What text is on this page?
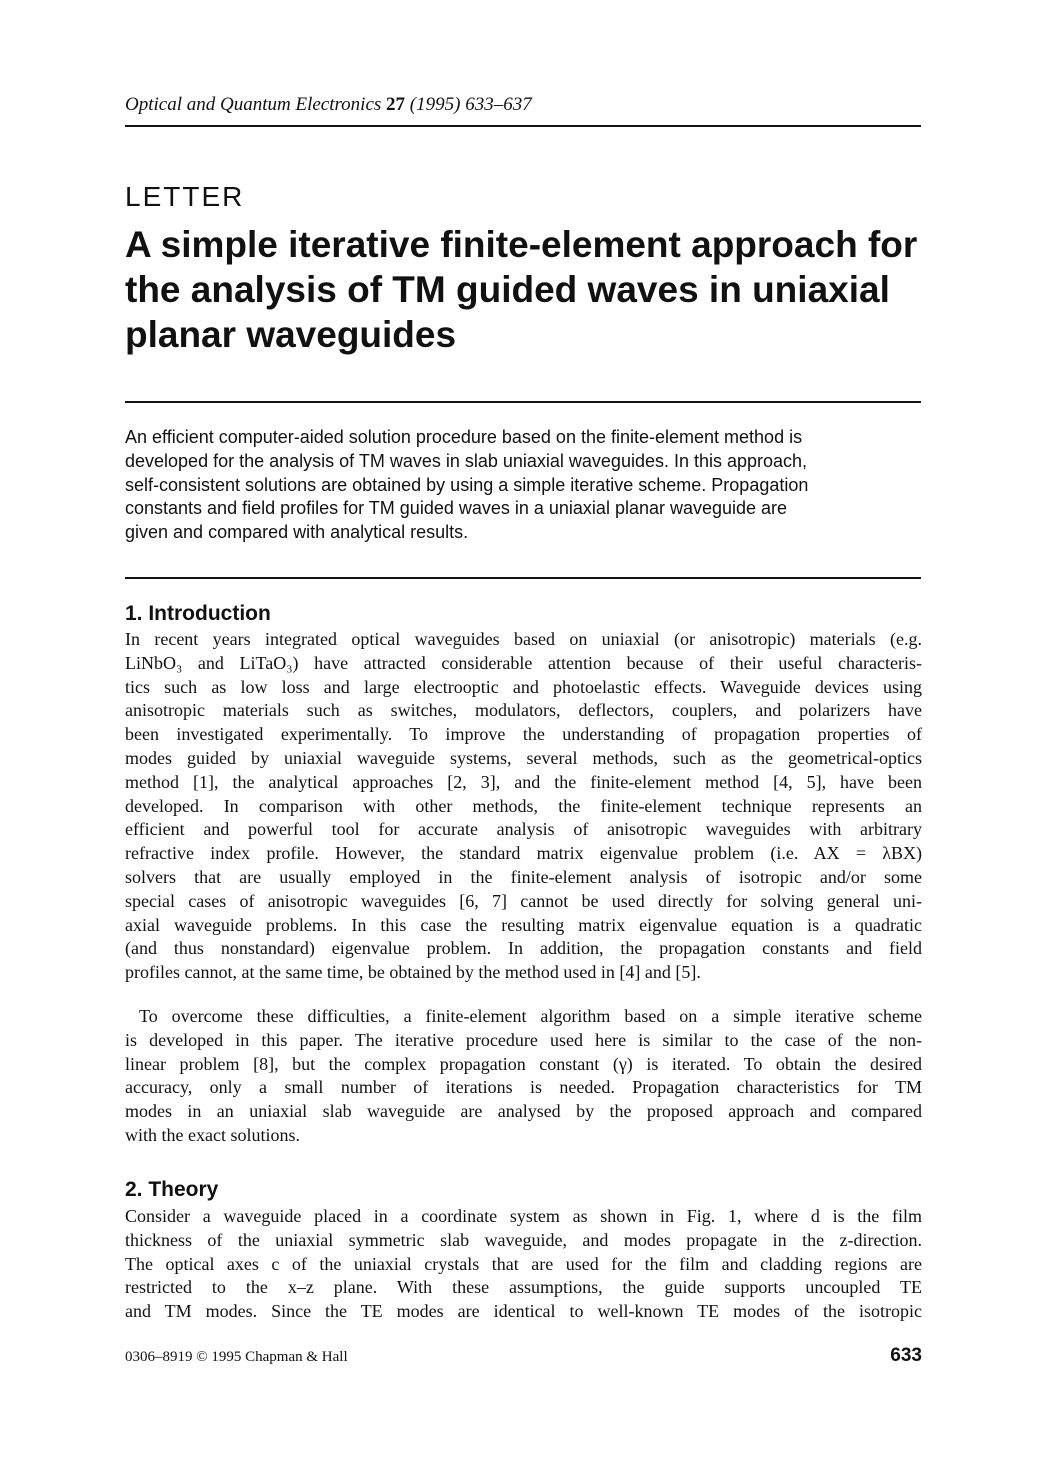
Optical and Quantum Electronics 27 (1995) 633–637
LETTER
A simple iterative finite-element approach for
the analysis of TM guided waves in uniaxial
planar waveguides
An efficient computer-aided solution procedure based on the finite-element method is
developed for the analysis of TM waves in slab uniaxial waveguides. In this approach,
self-consistent solutions are obtained by using a simple iterative scheme. Propagation
constants and field profiles for TM guided waves in a uniaxial planar waveguide are
given and compared with analytical results.
1. Introduction
In recent years integrated optical waveguides based on uniaxial (or anisotropic) materials (e.g.
LiNbO₃ and LiTaO₃) have attracted considerable attention because of their useful characteris-
tics such as low loss and large electrooptic and photoelastic effects. Waveguide devices using
anisotropic materials such as switches, modulators, deflectors, couplers, and polarizers have
been investigated experimentally. To improve the understanding of propagation properties of
modes guided by uniaxial waveguide systems, several methods, such as the geometrical-optics
method [1], the analytical approaches [2, 3], and the finite-element method [4, 5], have been
developed. In comparison with other methods, the finite-element technique represents an
efficient and powerful tool for accurate analysis of anisotropic waveguides with arbitrary
refractive index profile. However, the standard matrix eigenvalue problem (i.e. AX = λBX)
solvers that are usually employed in the finite-element analysis of isotropic and/or some
special cases of anisotropic waveguides [6, 7] cannot be used directly for solving general uni-
axial waveguide problems. In this case the resulting matrix eigenvalue equation is a quadratic
(and thus nonstandard) eigenvalue problem. In addition, the propagation constants and field
profiles cannot, at the same time, be obtained by the method used in [4] and [5].
To overcome these difficulties, a finite-element algorithm based on a simple iterative scheme
is developed in this paper. The iterative procedure used here is similar to the case of the non-
linear problem [8], but the complex propagation constant (γ) is iterated. To obtain the desired
accuracy, only a small number of iterations is needed. Propagation characteristics for TM
modes in an uniaxial slab waveguide are analysed by the proposed approach and compared
with the exact solutions.
2. Theory
Consider a waveguide placed in a coordinate system as shown in Fig. 1, where d is the film
thickness of the uniaxial symmetric slab waveguide, and modes propagate in the z-direction.
The optical axes c of the uniaxial crystals that are used for the film and cladding regions are
restricted to the x–z plane. With these assumptions, the guide supports uncoupled TE
and TM modes. Since the TE modes are identical to well-known TE modes of the isotropic
0306–8919 © 1995 Chapman & Hall	633
